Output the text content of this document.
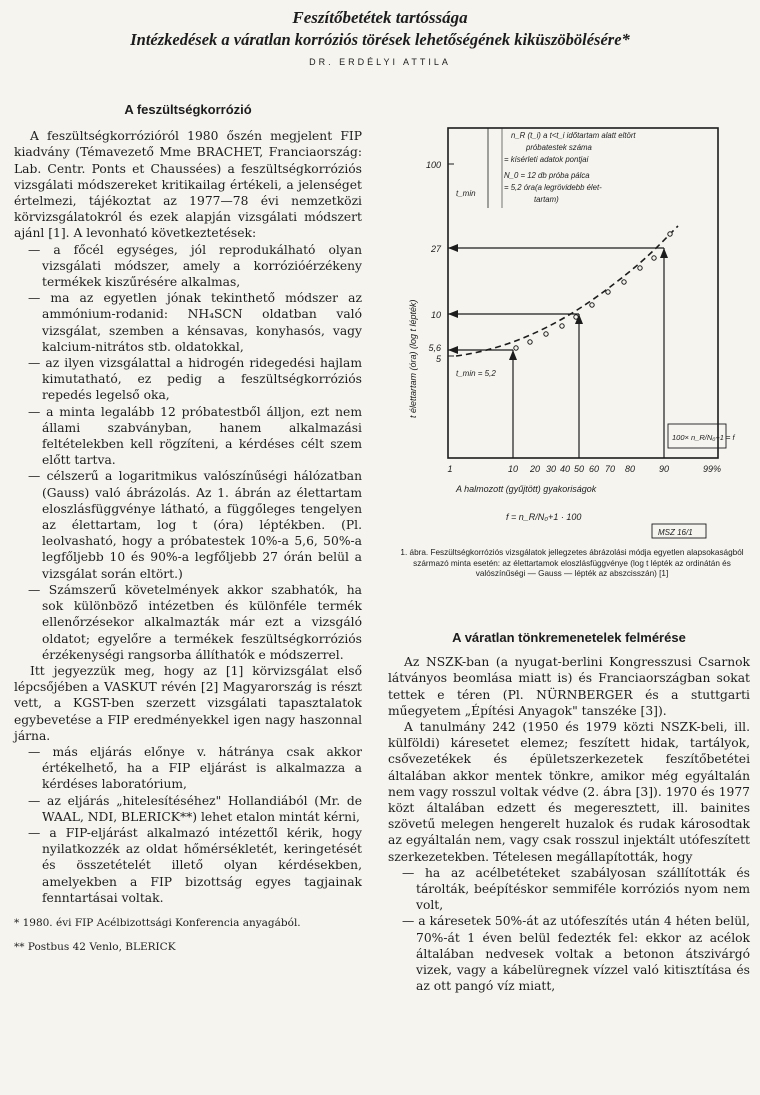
Feszítőbetétek tartóssága
Intézkedések a váratlan korróziós törések lehetőségének kiküszöbölésére*
DR. ERDÉLYI ATTILA
A feszültségkorrózió

A feszültségkorrózióról 1980 őszén megjelent FIP kiadvány (Témavezető Mme BRACHET, Franciaország: Lab. Centr. Ponts et Chaussées) a feszültségkorróziós vizsgálati módszereket kritikailag értékeli, a jelenséget értelmezi, tájékoztat az 1977—78 évi nemzetközi körvizsgálatokról és ezek alapján vizsgálati módszert ajánl [1]. A levonható következtetések:

— a főcél egységes, jól reprodukálható olyan vizsgálati módszer, amely a korrózióérzékeny termékek kiszűrésére alkalmas,
— ma az egyetlen jónak tekinthető módszer az ammónium-rodanid: NH₄SCN oldatban való vizsgálat, szemben a kénsavas, konyhasós, vagy kalcium-nitrátos stb. oldatokkal,
— az ilyen vizsgálattal a hidrogén ridegedési hajlam kimutatható, ez pedig a feszültségkorróziós repedés legelső oka,
— a minta legalább 12 próbatestből álljon, ezt nem állami szabványban, hanem alkalmazási feltételekben kell rögzíteni, a kérdéses célt szem előtt tartva.
— célszerű a logaritmikus valószínűségi hálózatban (Gauss) való ábrázolás. Az 1. ábrán az élettartam eloszlásfüggvénye látható, a függőleges tengelyen az élettartam, log t (óra) léptékben. (Pl. leolvasható, hogy a próbatestek 10%-a 5,6, 50%-a legfőljebb 10 és 90%-a legfőljebb 27 órán belül a vizsgálat során eltört.)
— Számszerű követelmények akkor szabhatók, ha sok különböző intézetben és különféle termék ellenőrzésekor alkalmazták már ezt a vizsgáló oldatot; egyelőre a termékek feszültségkorróziós érzékenységi rangsorba állíthatók e módszerrel.

Itt jegyezzük meg, hogy az [1] körvizsgálat első lépcsőjében a VASKUT révén [2] Magyarország is részt vett, a KGST-ben szerzett vizsgálati tapasztalatok egybevetése a FIP eredményekkel igen nagy haszonnal járna.

— más eljárás előnye v. hátránya csak akkor értékelhető, ha a FIP eljárást is alkalmazza a kérdéses laboratórium,
— az eljárás „hitelesítéséhez" Hollandiából (Mr. de WAAL, NDI, BLERICK**) lehet etalon mintát kérni,
— a FIP-eljárást alkalmazó intézettől kérik, hogy nyilatkozzék az oldat hőmérsékletét, keringetését és összetételét illető olyan kérdésekben, amelyekben a FIP bizottság egyes tagjainak fenntartásai voltak.

* 1980. évi FIP Acélbizottsági Konferencia anyagából.

** Postbus 42 Venlo, BLERICK

100
27
10
5,6
5
t élettartam (óra) (log t lépték)
t_min
t_min = 5,2
n_R (t_i) a t<t_i időtartam alatt eltört
próbatestek száma
= kísérleti adatok pontjai
N_0 = 12 db próba pálca
= 5,2 óra(a legrövidebb élet-
tartam)
100× n_R/N₀+1 = f
1	10 20 30 40 50 60 70 80	90	99%
A halmozott (gyűjtött) gyakoriságok
f = n_R/N₀+1 · 100
MSZ 16/1
1. ábra. Feszültségkorróziós vizsgálatok jellegzetes ábrázolási módja egyetlen alapsokaságból származó minta esetén: az élettartamok eloszlásfüggvénye (log t lépték az ordinátán és valószínűségi — Gauss — lépték az abszcisszán) [1]
A váratlan tönkremenetelek felmérése

Az NSZK-ban (a nyugat-berlini Kongresszusi Csarnok látványos beomlása miatt is) és Franciaországban sokat tettek e téren (Pl. NÜRNBERGER és a stuttgarti műegyetem „Építési Anyagok" tanszéke [3]).

A tanulmány 242 (1950 és 1979 közti NSZK-beli, ill. külföldi) káresetet elemez; feszített hidak, tartályok, csővezetékek és épületszerkezetek feszítőbetétei általában akkor mentek tönkre, amikor még egyáltalán nem vagy rosszul voltak védve (2. ábra [3]). 1970 és 1977 közt általában edzett és megeresztett, ill. bainites szövetű melegen hengerelt huzalok és rudak károsodtak az egyáltalán nem, vagy csak rosszul injektált utófeszített szerkezetekben. Tételesen megállapították, hogy

— ha az acélbetéteket szabályosan szállították és tárolták, beépítéskor semmiféle korróziós nyom nem volt,
— a káresetek 50%-át az utófeszítés után 4 héten belül, 70%-át 1 éven belül fedezték fel: ekkor az acélok általában nedvesek voltak a betonon átszivárgó vizek, vagy a kábelüregnek vízzel való kitisztítása és az ott pangó víz miatt,
